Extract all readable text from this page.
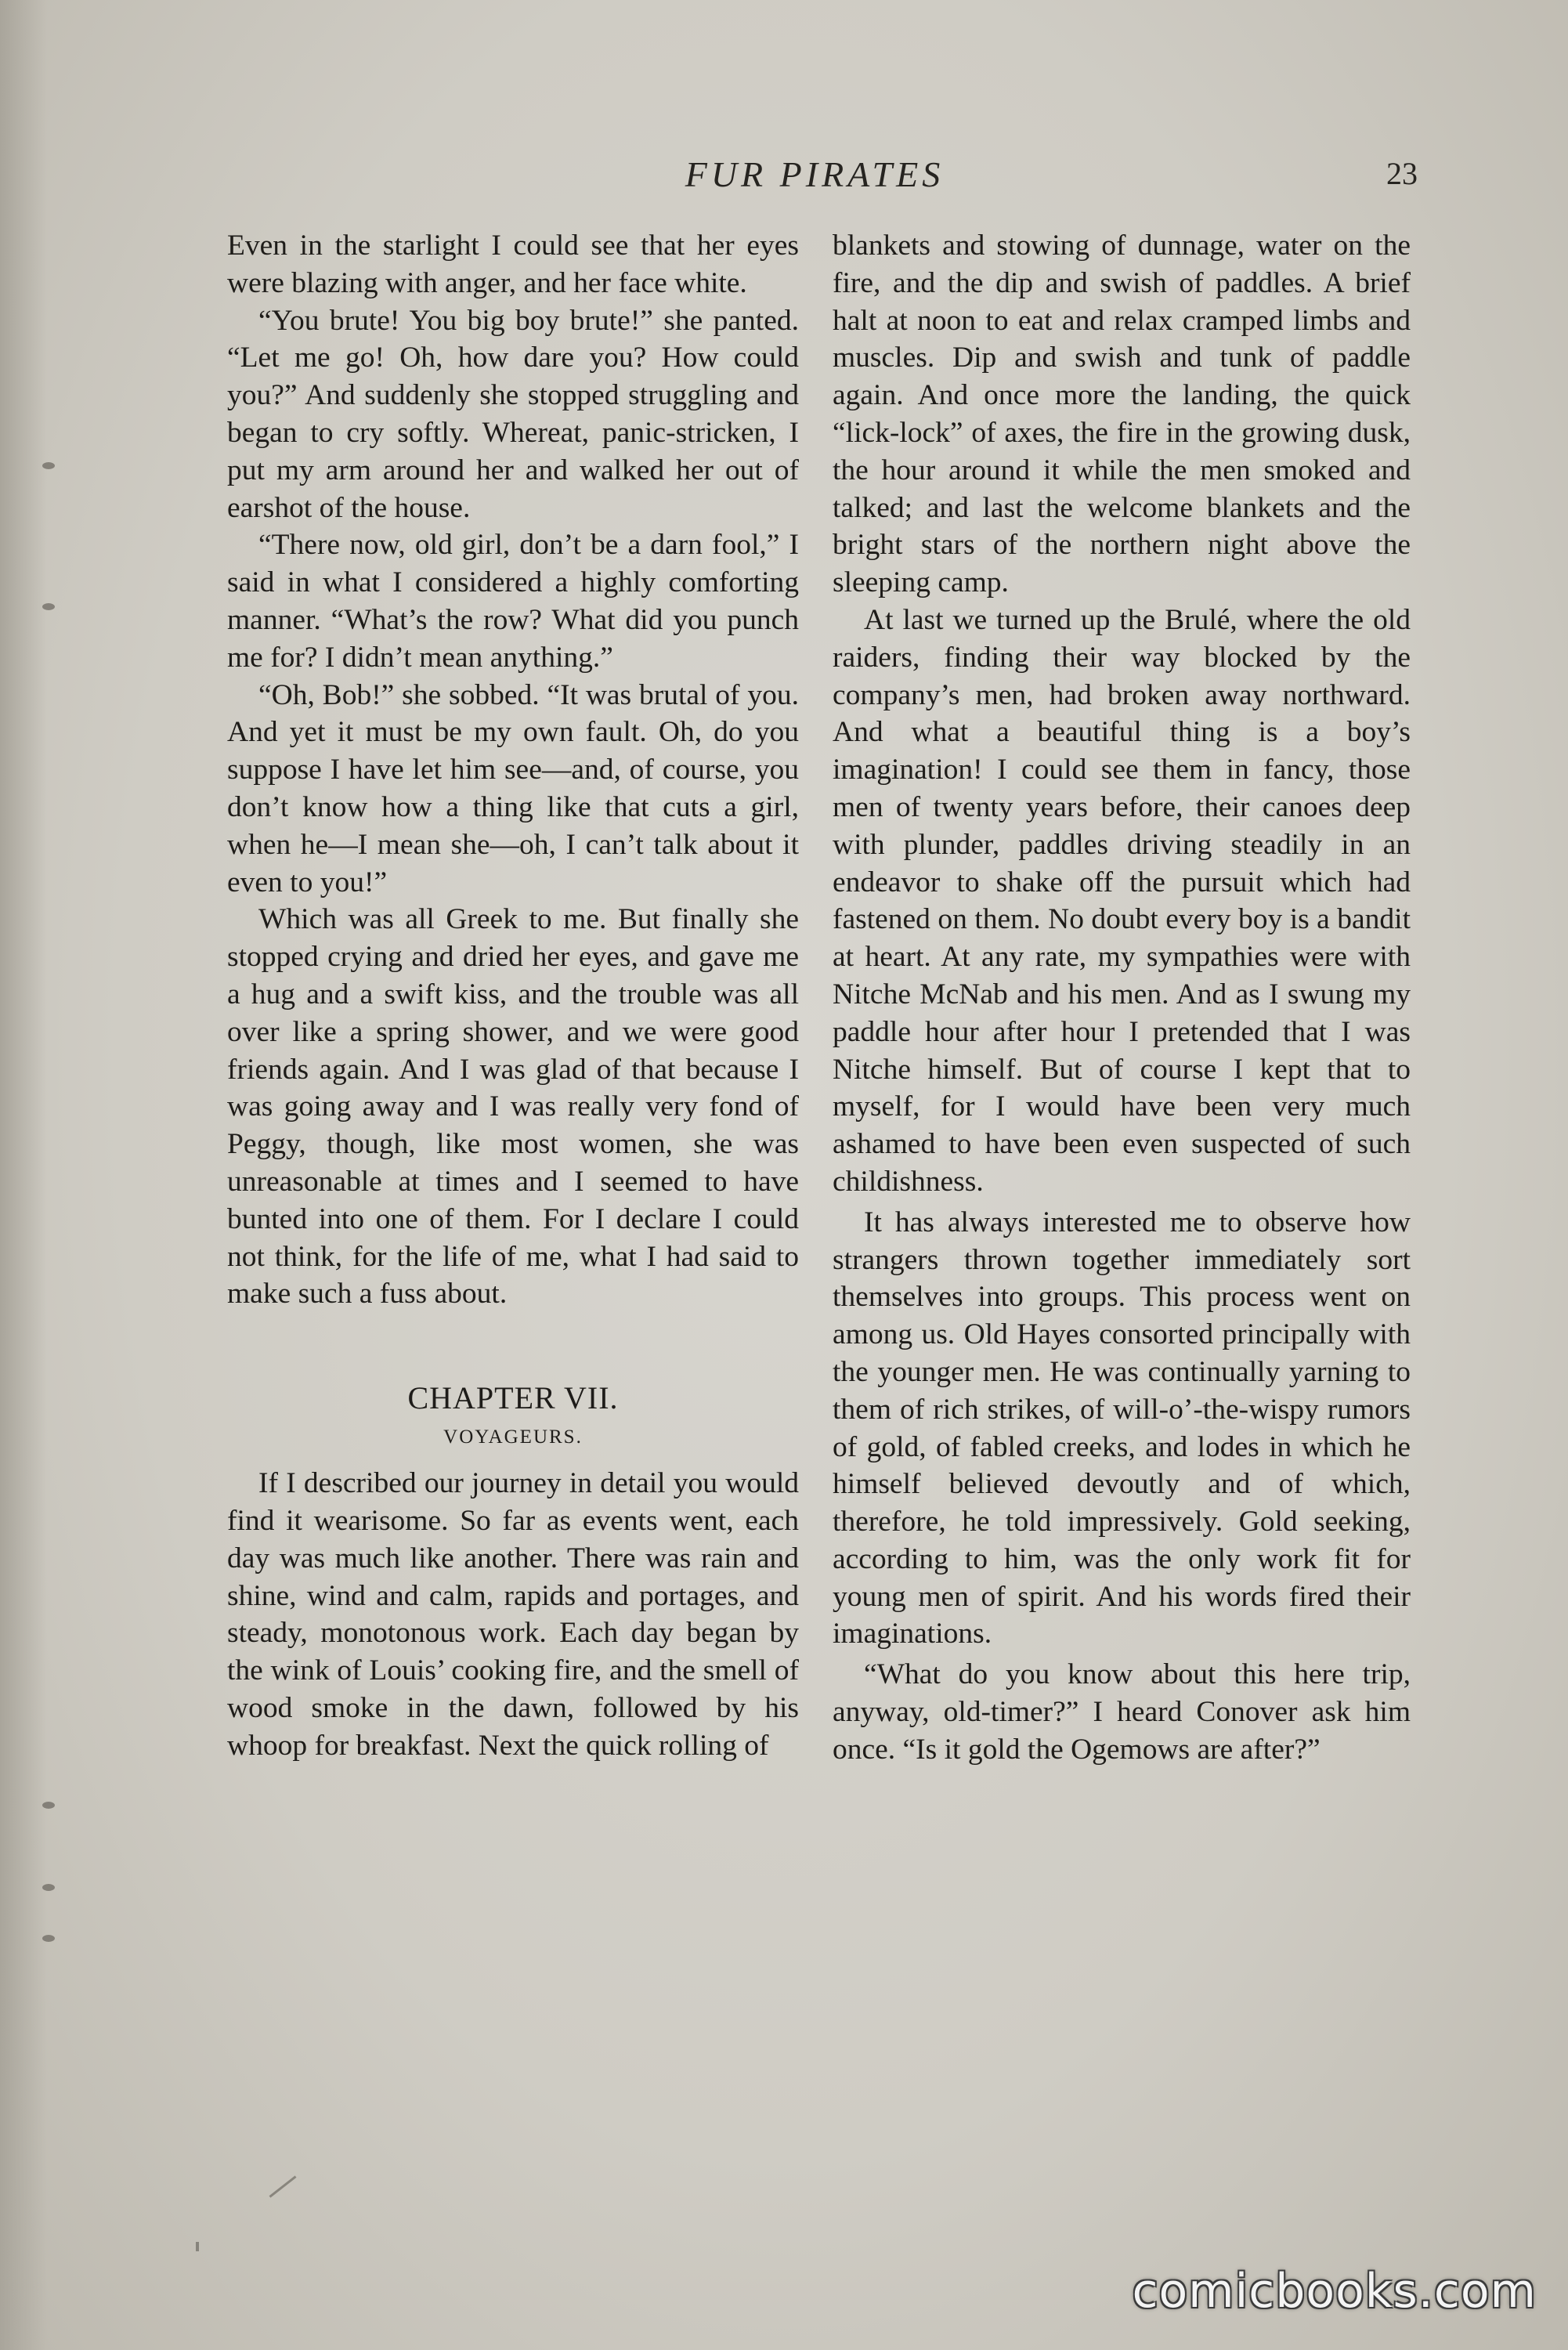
FUR PIRATES	23

Even in the starlight I could see that her eyes were blazing with anger, and her face white.

“You brute! You big boy brute!” she panted. “Let me go! Oh, how dare you? How could you?” And suddenly she stopped struggling and began to cry softly. Whereat, panic-stricken, I put my arm around her and walked her out of earshot of the house.

“There now, old girl, don’t be a darn fool,” I said in what I considered a highly comforting manner. “What’s the row? What did you punch me for? I didn’t mean anything.”

“Oh, Bob!” she sobbed. “It was brutal of you. And yet it must be my own fault. Oh, do you suppose I have let him see—and, of course, you don’t know how a thing like that cuts a girl, when he—I mean she—oh, I can’t talk about it even to you!”

Which was all Greek to me. But finally she stopped crying and dried her eyes, and gave me a hug and a swift kiss, and the trouble was all over like a spring shower, and we were good friends again. And I was glad of that because I was going away and I was really very fond of Peggy, though, like most women, she was unreasonable at times and I seemed to have bunted into one of them. For I declare I could not think, for the life of me, what I had said to make such a fuss about.

CHAPTER VII.
VOYAGEURS.

If I described our journey in detail you would find it wearisome. So far as events went, each day was much like another. There was rain and shine, wind and calm, rapids and portages, and steady, monotonous work. Each day began by the wink of Louis’ cooking fire, and the smell of wood smoke in the dawn, followed by his whoop for breakfast. Next the quick rolling of

blankets and stowing of dunnage, water on the fire, and the dip and swish of paddles. A brief halt at noon to eat and relax cramped limbs and muscles. Dip and swish and tunk of paddle again. And once more the landing, the quick “lick-lock” of axes, the fire in the growing dusk, the hour around it while the men smoked and talked; and last the welcome blankets and the bright stars of the northern night above the sleeping camp.

At last we turned up the Brulé, where the old raiders, finding their way blocked by the company’s men, had broken away northward. And what a beautiful thing is a boy’s imagination! I could see them in fancy, those men of twenty years before, their canoes deep with plunder, paddles driving steadily in an endeavor to shake off the pursuit which had fastened on them. No doubt every boy is a bandit at heart. At any rate, my sympathies were with Nitche McNab and his men. And as I swung my paddle hour after hour I pretended that I was Nitche himself. But of course I kept that to myself, for I would have been very much ashamed to have been even suspected of such childishness.

It has always interested me to observe how strangers thrown together immediately sort themselves into groups. This process went on among us. Old Hayes consorted principally with the younger men. He was continually yarning to them of rich strikes, of will-o’-the-wispy rumors of gold, of fabled creeks, and lodes in which he himself believed devoutly and of which, therefore, he told impressively. Gold seeking, according to him, was the only work fit for young men of spirit. And his words fired their imaginations.

“What do you know about this here trip, anyway, old-timer?” I heard Conover ask him once. “Is it gold the Ogemows are after?”

comicbooks.com
